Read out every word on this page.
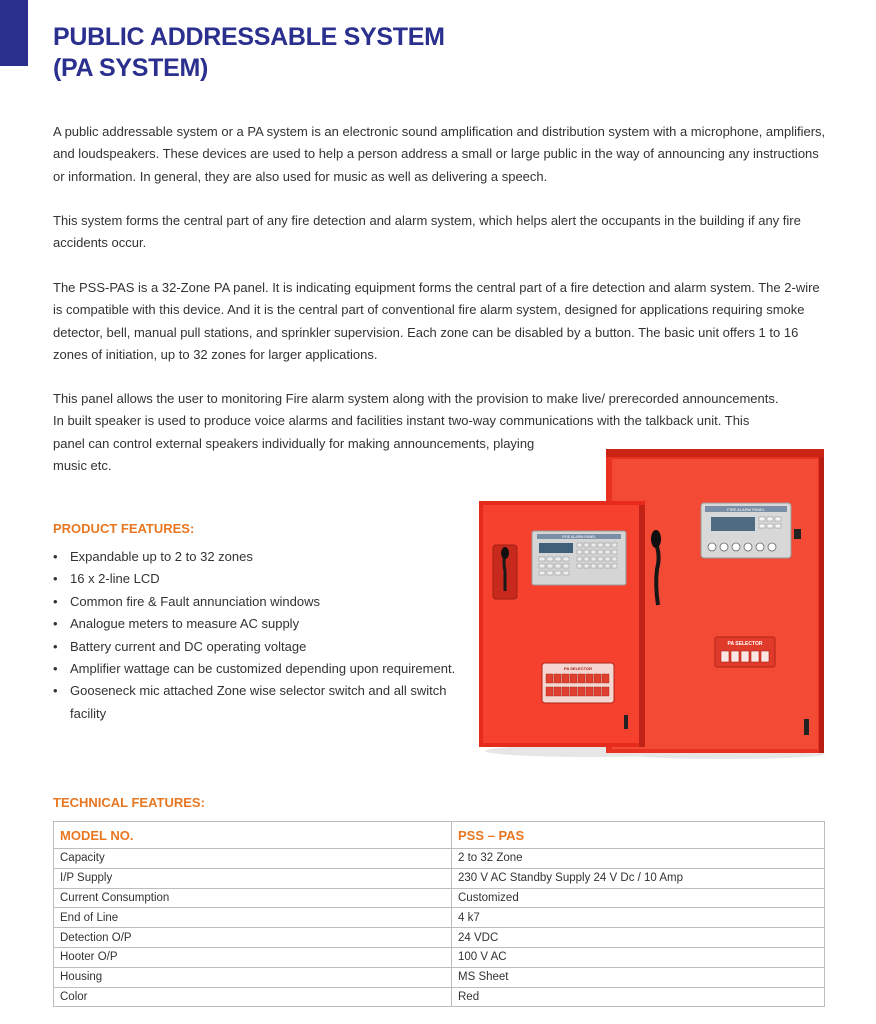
PUBLIC ADDRESSABLE SYSTEM
(PA SYSTEM)

A public addressable system or a PA system is an electronic sound amplification and distribution system with a microphone, amplifiers, and loudspeakers. These devices are used to help a person address a small or large public in the way of announcing any instructions or information. In general, they are also used for music as well as delivering a speech.

This system forms the central part of any fire detection and alarm system, which helps alert the occupants in the building if any fire accidents occur.

The PSS-PAS is a 32-Zone PA panel. It is indicating equipment forms the central part of a fire detection and alarm system. The 2-wire is compatible with this device. And it is the central part of conventional fire alarm system, designed for applications requiring smoke detector, bell, manual pull stations, and sprinkler supervision. Each zone can be disabled by a button. The basic unit offers 1 to 16 zones of initiation, up to 32 zones for larger applications.

This panel allows the user to monitoring Fire alarm system along with the provision to make live/ prerecorded announcements.
In built speaker is used to produce voice alarms and facilities instant two-way communications with the talkback unit. This
panel can control external speakers individually for making announcements, playing
music etc.

PRODUCT FEATURES:
• Expandable up to 2 to 32 zones
• 16 x 2-line LCD
• Common fire & Fault annunciation windows
• Analogue meters to measure AC supply
• Battery current and DC operating voltage
• Amplifier wattage can be customized depending upon requirement.
• Gooseneck mic attached Zone wise selector switch and all switch facility
FIRE ALARM PANEL
PA SELECTOR
FIRE ALARM PANEL
PA SELECTOR
TECHNICAL FEATURES:
MODEL NO.	PSS – PAS
Capacity	2 to 32 Zone
I/P Supply	230 V AC Standby Supply 24 V Dc / 10 Amp
Current Consumption	Customized
End of Line	4 k7
Detection O/P	24 VDC
Hooter O/P	100 V AC
Housing	MS Sheet
Color	Red
